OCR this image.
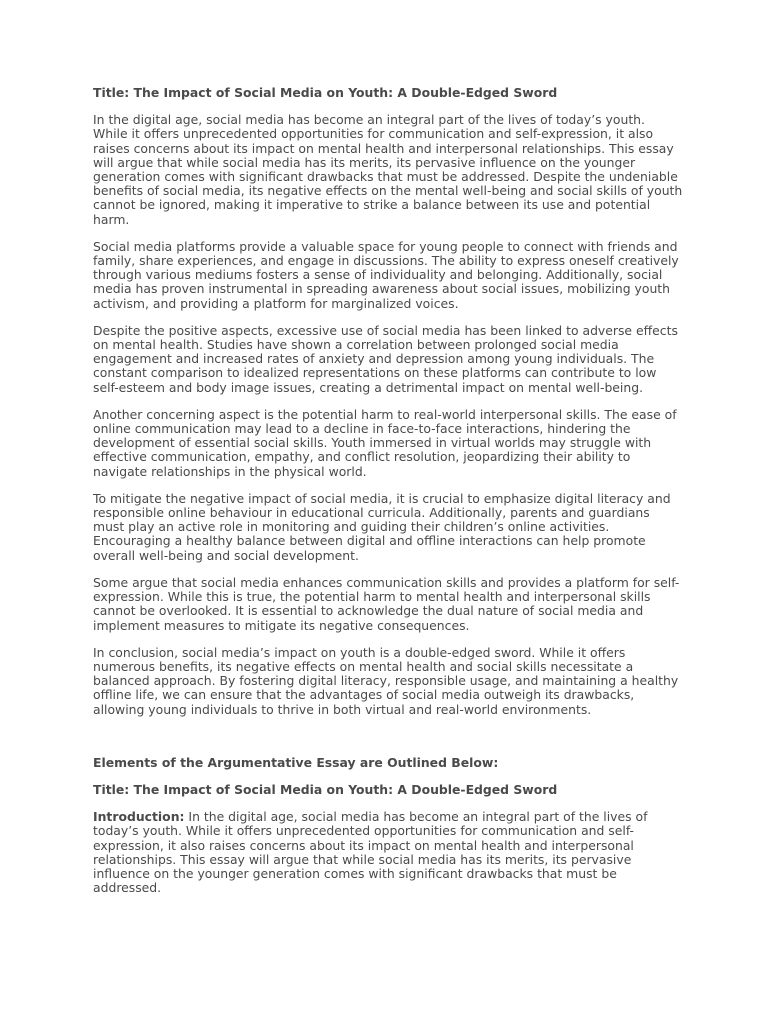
Title: The Impact of Social Media on Youth: A Double-Edged Sword

In the digital age, social media has become an integral part of the lives of today’s youth. While it offers unprecedented opportunities for communication and self-expression, it also raises concerns about its impact on mental health and interpersonal relationships. This essay will argue that while social media has its merits, its pervasive influence on the younger generation comes with significant drawbacks that must be addressed. Despite the undeniable benefits of social media, its negative effects on the mental well-being and social skills of youth cannot be ignored, making it imperative to strike a balance between its use and potential harm.

Social media platforms provide a valuable space for young people to connect with friends and family, share experiences, and engage in discussions. The ability to express oneself creatively through various mediums fosters a sense of individuality and belonging. Additionally, social media has proven instrumental in spreading awareness about social issues, mobilizing youth activism, and providing a platform for marginalized voices.

Despite the positive aspects, excessive use of social media has been linked to adverse effects on mental health. Studies have shown a correlation between prolonged social media engagement and increased rates of anxiety and depression among young individuals. The constant comparison to idealized representations on these platforms can contribute to low self-esteem and body image issues, creating a detrimental impact on mental well-being.

Another concerning aspect is the potential harm to real-world interpersonal skills. The ease of online communication may lead to a decline in face-to-face interactions, hindering the development of essential social skills. Youth immersed in virtual worlds may struggle with effective communication, empathy, and conflict resolution, jeopardizing their ability to navigate relationships in the physical world.

To mitigate the negative impact of social media, it is crucial to emphasize digital literacy and responsible online behaviour in educational curricula. Additionally, parents and guardians must play an active role in monitoring and guiding their children’s online activities. Encouraging a healthy balance between digital and offline interactions can help promote overall well-being and social development.

Some argue that social media enhances communication skills and provides a platform for self-expression. While this is true, the potential harm to mental health and interpersonal skills cannot be overlooked. It is essential to acknowledge the dual nature of social media and implement measures to mitigate its negative consequences.

In conclusion, social media’s impact on youth is a double-edged sword. While it offers numerous benefits, its negative effects on mental health and social skills necessitate a balanced approach. By fostering digital literacy, responsible usage, and maintaining a healthy offline life, we can ensure that the advantages of social media outweigh its drawbacks, allowing young individuals to thrive in both virtual and real-world environments.

Elements of the Argumentative Essay are Outlined Below:

Title: The Impact of Social Media on Youth: A Double-Edged Sword

Introduction: In the digital age, social media has become an integral part of the lives of today’s youth. While it offers unprecedented opportunities for communication and self-expression, it also raises concerns about its impact on mental health and interpersonal relationships. This essay will argue that while social media has its merits, its pervasive influence on the younger generation comes with significant drawbacks that must be addressed.
